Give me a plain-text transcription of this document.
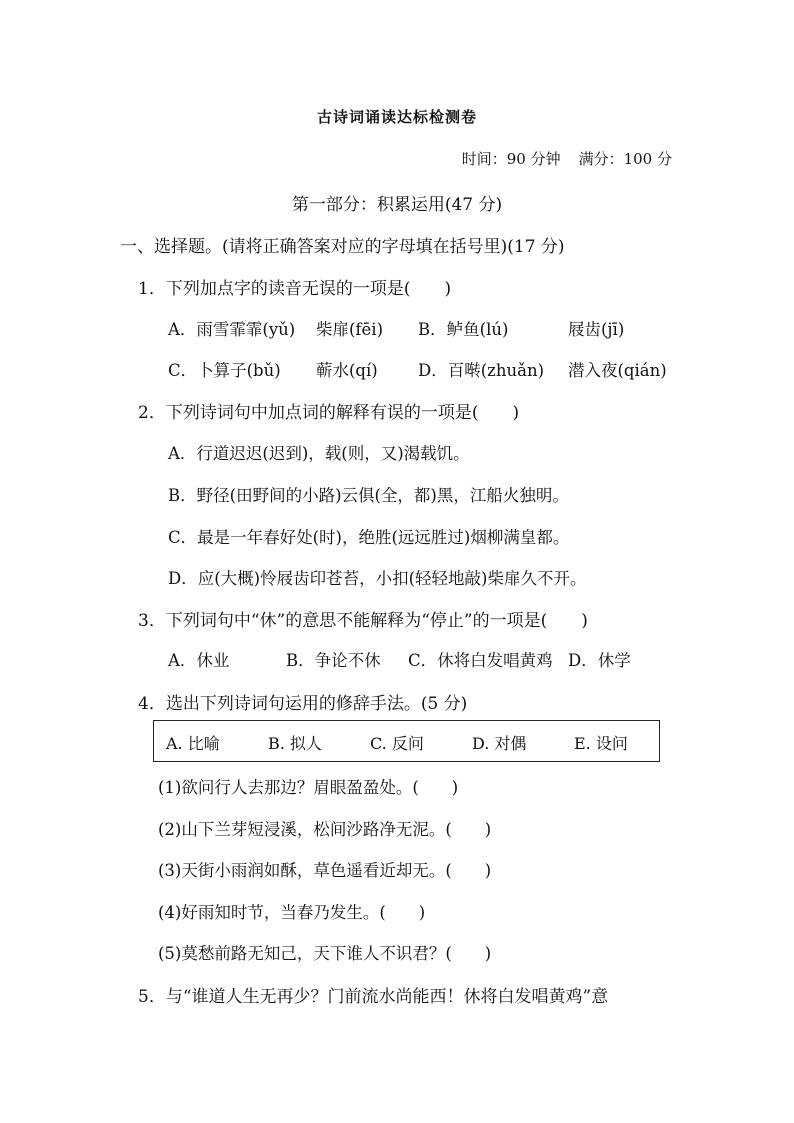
古诗词诵读达标检测卷
时间：90 分钟 满分：100 分
第一部分：积累运用(47 分)
一、选择题。(请将正确答案对应的字母填在括号里)(17 分)
1．下列加点字的读音无误的一项是(　　)
A．雨雪霏霏(yǔ) 柴扉(fēi) B．鲈鱼(lú)	屐齿(jī)
C．卜算子(bǔ) 蕲水(qí) D．百啭(zhuǎn) 潜入夜(qián)
2．下列诗词句中加点词的解释有误的一项是(　　)
A．行道迟迟(迟到)，载(则，又)渴载饥。
B．野径(田野间的小路)云俱(全，都)黑，江船火独明。
C．最是一年春好处(时)，绝胜(远远胜过)烟柳满皇都。
D．应(大概)怜屐齿印苍苔，小扣(轻轻地敲)柴扉久不开。
3．下列词句中“休”的意思不能解释为“停止”的一项是(　　)
A．休业	B．争论不休 C．休将白发唱黄鸡 D．休学
4．选出下列诗词句运用的修辞手法。(5 分)
A. 比喻	B. 拟人	C. 反问	D. 对偶	E. 设问
(1)欲问行人去那边？眉眼盈盈处。(　　)
(2)山下兰芽短浸溪，松间沙路净无泥。(　　)
(3)天街小雨润如酥，草色遥看近却无。(　　)
(4)好雨知时节，当春乃发生。(　　)
(5)莫愁前路无知己，天下谁人不识君？(　　)
5．与“谁道人生无再少？门前流水尚能西！休将白发唱黄鸡”意
